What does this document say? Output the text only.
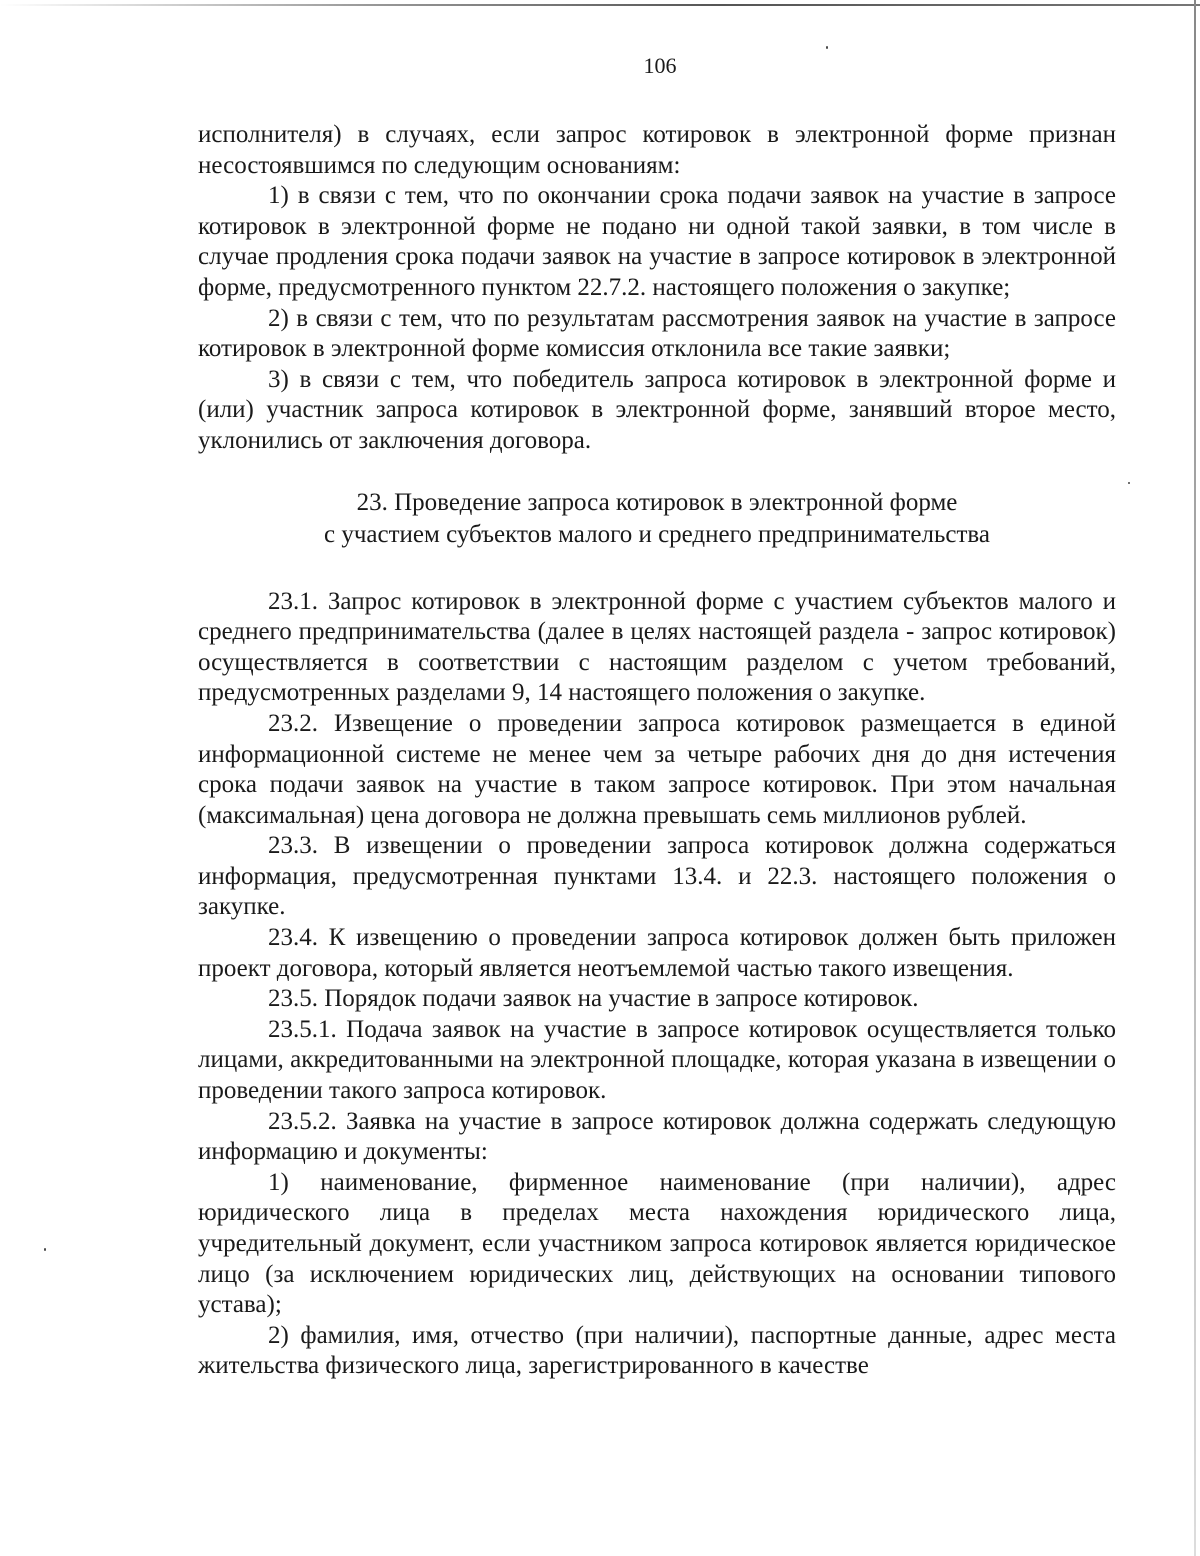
106

исполнителя) в случаях, если запрос котировок в электронной форме признан несостоявшимся по следующим основаниям:

1) в связи с тем, что по окончании срока подачи заявок на участие в запросе котировок в электронной форме не подано ни одной такой заявки, в том числе в случае продления срока подачи заявок на участие в запросе котировок в электронной форме, предусмотренного пунктом 22.7.2. настоящего положения о закупке;

2) в связи с тем, что по результатам рассмотрения заявок на участие в запросе котировок в электронной форме комиссия отклонила все такие заявки;

3) в связи с тем, что победитель запроса котировок в электронной форме и (или) участник запроса котировок в электронной форме, занявший второе место, уклонились от заключения договора.

23. Проведение запроса котировок в электронной форме
с участием субъектов малого и среднего предпринимательства

23.1. Запрос котировок в электронной форме с участием субъектов малого и среднего предпринимательства (далее в целях настоящей раздела - запрос котировок) осуществляется в соответствии с настоящим разделом с учетом требований, предусмотренных разделами 9, 14 настоящего положения о закупке.

23.2. Извещение о проведении запроса котировок размещается в единой информационной системе не менее чем за четыре рабочих дня до дня истечения срока подачи заявок на участие в таком запросе котировок. При этом начальная (максимальная) цена договора не должна превышать семь миллионов рублей.

23.3. В извещении о проведении запроса котировок должна содержаться информация, предусмотренная пунктами 13.4. и 22.3. настоящего положения о закупке.

23.4. К извещению о проведении запроса котировок должен быть приложен проект договора, который является неотъемлемой частью такого извещения.

23.5. Порядок подачи заявок на участие в запросе котировок.

23.5.1. Подача заявок на участие в запросе котировок осуществляется только лицами, аккредитованными на электронной площадке, которая указана в извещении о проведении такого запроса котировок.

23.5.2. Заявка на участие в запросе котировок должна содержать следующую информацию и документы:

1) наименование, фирменное наименование (при наличии), адрес юридического лица в пределах места нахождения юридического лица, учредительный документ, если участником запроса котировок является юридическое лицо (за исключением юридических лиц, действующих на основании типового устава);

2) фамилия, имя, отчество (при наличии), паспортные данные, адрес места жительства физического лица, зарегистрированного в качестве
